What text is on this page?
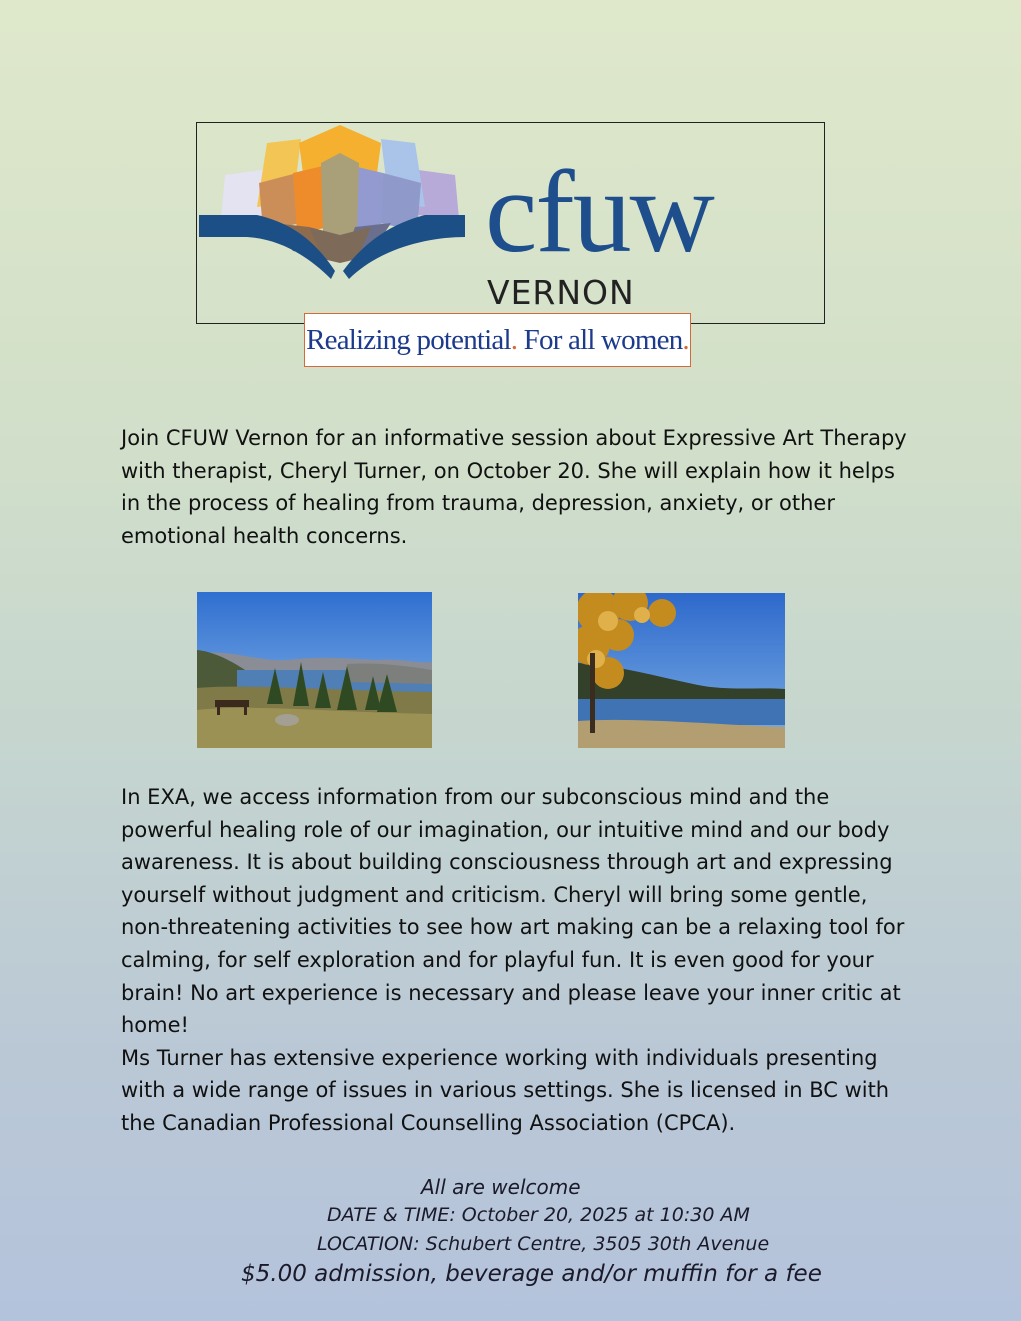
cfuw
VERNON
Realizing potential. For all women.

Join CFUW Vernon for an informative session about Expressive Art Therapy with therapist, Cheryl Turner, on October 20. She will explain how it helps in the process of healing from trauma, depression, anxiety, or other emotional health concerns.

In EXA, we access information from our subconscious mind and the powerful healing role of our imagination, our intuitive mind and our body awareness. It is about building consciousness through art and expressing yourself without judgment and criticism. Cheryl will bring some gentle, non-threatening activities to see how art making can be a relaxing tool for calming, for self exploration and for playful fun. It is even good for your brain! No art experience is necessary and please leave your inner critic at home!
Ms Turner has extensive experience working with individuals presenting with a wide range of issues in various settings. She is licensed in BC with the Canadian Professional Counselling Association (CPCA).

All are welcome
DATE & TIME: October 20, 2025 at 10:30 AM
LOCATION: Schubert Centre, 3505 30th Avenue
$5.00 admission, beverage and/or muffin for a fee
